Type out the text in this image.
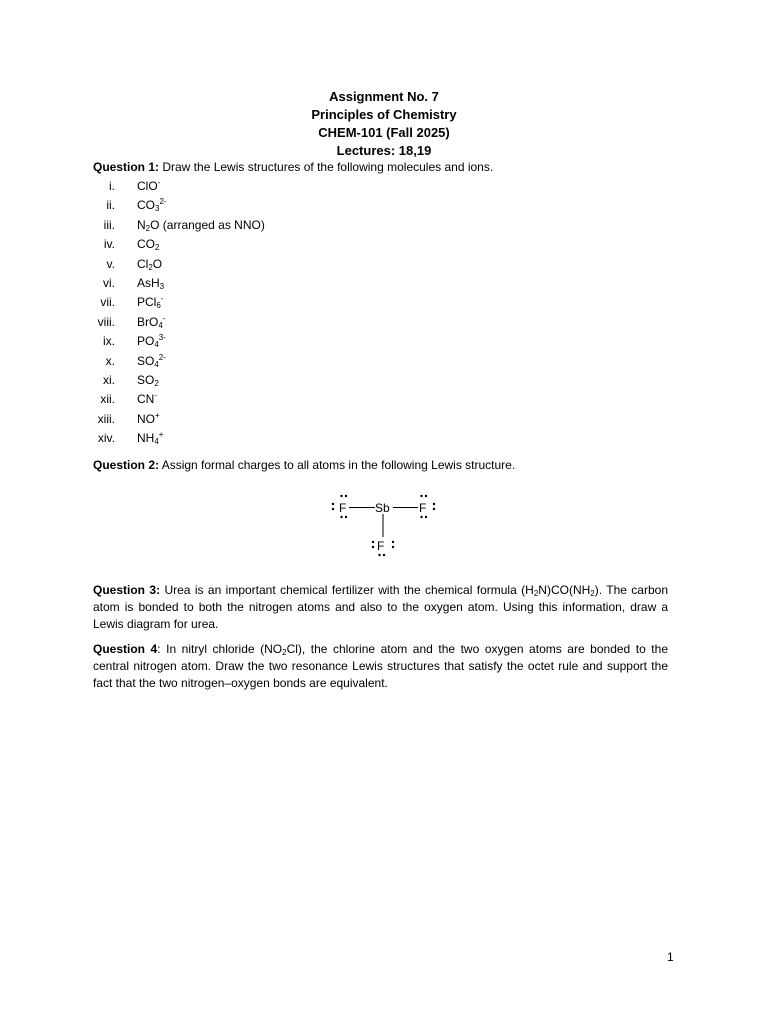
Assignment No. 7
Principles of Chemistry
CHEM-101 (Fall 2025)
Lectures: 18,19
Question 1: Draw the Lewis structures of the following molecules and ions.
i. ClO-
ii. $CO_3^{2-}$
iii. $N_2O$ (arranged as NNO)
iv. $CO_2$
v. $Cl_2O$
vi. AsH$_3$
vii. PCl$_6$-
viii. BrO$_4$-
ix. $PO_4^{3-}$
x. $SO_4^{2-}$
xi. $SO_2$
xii. CN-
xiii. NO+
xiv. $NH_4^+$
Question 2: Assign formal charges to all atoms in the following Lewis structure.
F Sb F
F
Question 3: Urea is an important chemical fertilizer with the chemical formula $(H_2N)CO(NH_2)$. The carbon atom is bonded to both the nitrogen atoms and also to the oxygen atom. Using this information, draw a Lewis diagram for urea.
Question 4: In nitryl chloride $(NO_2Cl)$, the chlorine atom and the two oxygen atoms are bonded to the central nitrogen atom. Draw the two resonance Lewis structures that satisfy the octet rule and support the fact that the two nitrogen–oxygen bonds are equivalent.
1
